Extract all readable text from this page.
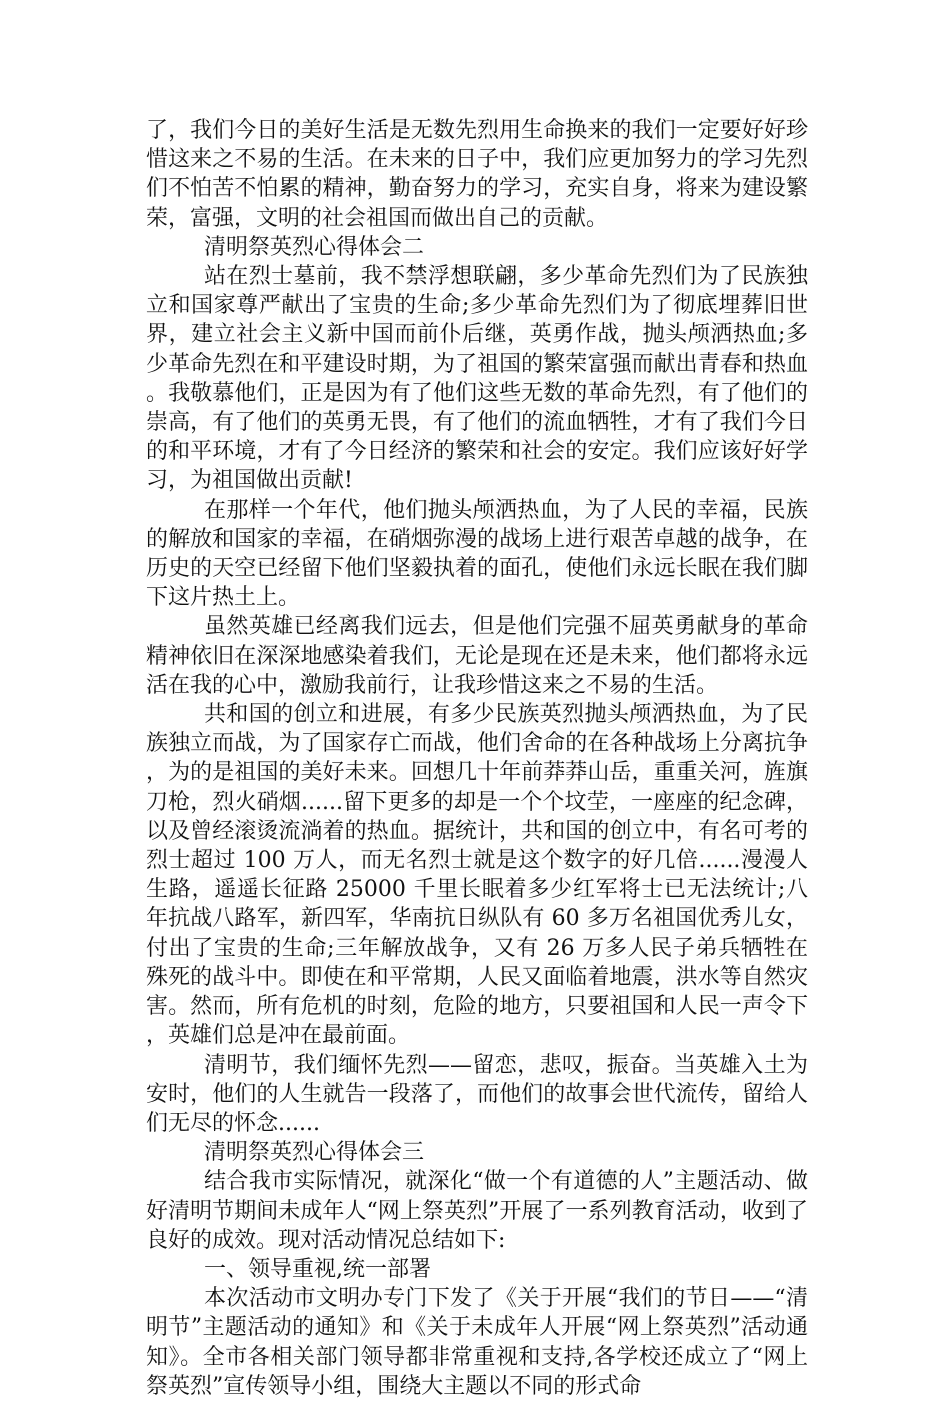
了，我们今日的美好生活是无数先烈用生命换来的我们一定要好好珍惜这来之不易的生活。在未来的日子中，我们应更加努力的学习先烈们不怕苦不怕累的精神，勤奋努力的学习，充实自身，将来为建设繁荣，富强，文明的社会祖国而做出自己的贡献。

清明祭英烈心得体会二

站在烈士墓前，我不禁浮想联翩，多少革命先烈们为了民族独立和国家尊严献出了宝贵的生命;多少革命先烈们为了彻底埋葬旧世界，建立社会主义新中国而前仆后继，英勇作战，抛头颅洒热血;多少革命先烈在和平建设时期，为了祖国的繁荣富强而献出青春和热血。我敬慕他们，正是因为有了他们这些无数的革命先烈，有了他们的崇高，有了他们的英勇无畏，有了他们的流血牺牲，才有了我们今日的和平环境，才有了今日经济的繁荣和社会的安定。我们应该好好学习，为祖国做出贡献!

在那样一个年代，他们抛头颅洒热血，为了人民的幸福，民族的解放和国家的幸福，在硝烟弥漫的战场上进行艰苦卓越的战争，在历史的天空已经留下他们坚毅执着的面孔，使他们永远长眠在我们脚下这片热土上。

虽然英雄已经离我们远去，但是他们完强不屈英勇献身的革命精神依旧在深深地感染着我们，无论是现在还是未来，他们都将永远活在我的心中，激励我前行，让我珍惜这来之不易的生活。

共和国的创立和进展，有多少民族英烈抛头颅洒热血，为了民族独立而战，为了国家存亡而战，他们舍命的在各种战场上分离抗争，为的是祖国的美好未来。回想几十年前莽莽山岳，重重关河，旌旗刀枪，烈火硝烟......留下更多的却是一个个坟茔，一座座的纪念碑，以及曾经滚烫流淌着的热血。据统计，共和国的创立中，有名可考的烈士超过 100 万人，而无名烈士就是这个数字的好几倍......漫漫人生路，遥遥长征路 25000 千里长眠着多少红军将士已无法统计;八年抗战八路军，新四军，华南抗日纵队有 60 多万名祖国优秀儿女，付出了宝贵的生命;三年解放战争，又有 26 万多人民子弟兵牺牲在殊死的战斗中。即使在和平常期，人民又面临着地震，洪水等自然灾害。然而，所有危机的时刻，危险的地方，只要祖国和人民一声令下，英雄们总是冲在最前面。

清明节，我们缅怀先烈——留恋，悲叹，振奋。当英雄入土为安时，他们的人生就告一段落了，而他们的故事会世代流传，留给人们无尽的怀念......

清明祭英烈心得体会三

结合我市实际情况，就深化“做一个有道德的人”主题活动、做好清明节期间未成年人“网上祭英烈”开展了一系列教育活动，收到了良好的成效。现对活动情况总结如下:

一、领导重视,统一部署

本次活动市文明办专门下发了《关于开展“我们的节日——“清明节”主题活动的通知》和《关于未成年人开展“网上祭英烈”活动通知》。全市各相关部门领导都非常重视和支持,各学校还成立了“网上祭英烈”宣传领导小组，围绕大主题以不同的形式命
